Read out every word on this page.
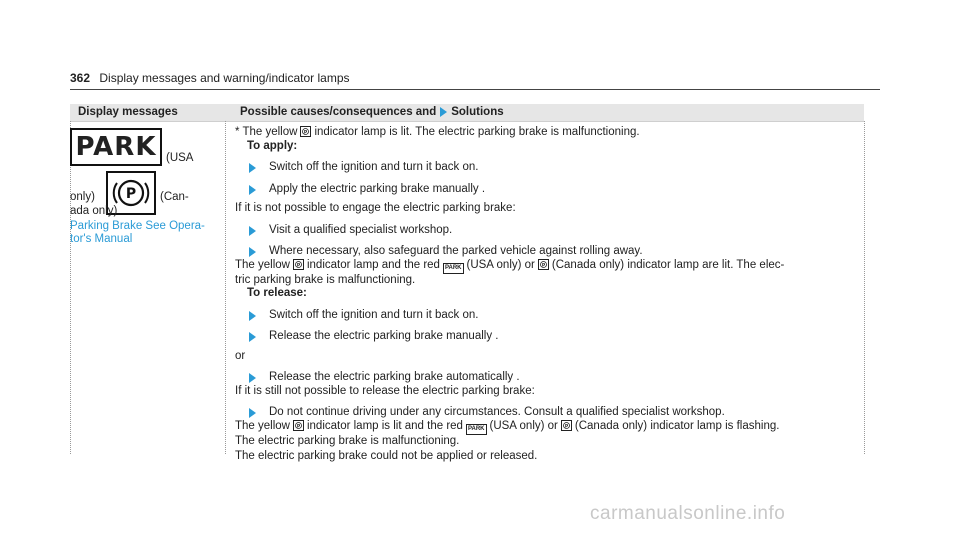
362 Display messages and warning/indicator lamps
Display messages	Possible causes/consequences and Solutions
PARK (USA
only) P (Can-
ada only)
Parking Brake See Opera-
tor's Manual
* The yellow P indicator lamp is lit. The electric parking brake is malfunctioning.
To apply:
Switch off the ignition and turn it back on.
Apply the electric parking brake manually .
If it is not possible to engage the electric parking brake:
Visit a qualified specialist workshop.
Where necessary, also safeguard the parked vehicle against rolling away.
The yellow P indicator lamp and the red PARK (USA only) or P (Canada only) indicator lamp are lit. The elec-
tric parking brake is malfunctioning.
To release:
Switch off the ignition and turn it back on.
Release the electric parking brake manually .
or
Release the electric parking brake automatically .
If it is still not possible to release the electric parking brake:
Do not continue driving under any circumstances. Consult a qualified specialist workshop.
The yellow P indicator lamp is lit and the red PARK (USA only) or P (Canada only) indicator lamp is flashing.
The electric parking brake is malfunctioning.
The electric parking brake could not be applied or released.
carmanualsonline.info
